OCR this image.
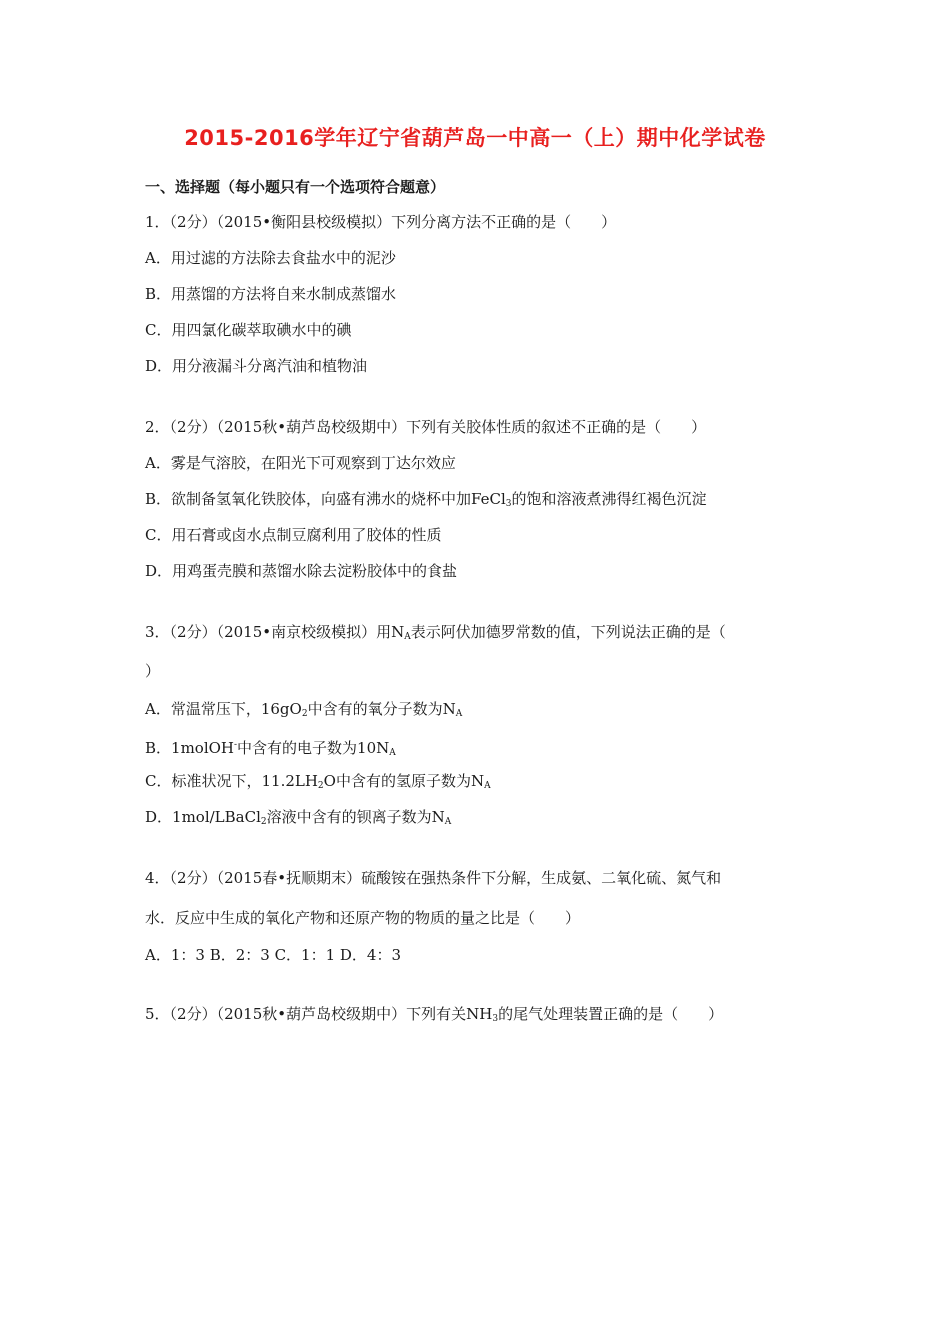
2015-2016学年辽宁省葫芦岛一中高一（上）期中化学试卷
一、选择题（每小题只有一个选项符合题意）
1．（2分）（2015•衡阳县校级模拟）下列分离方法不正确的是（　　）
A．用过滤的方法除去食盐水中的泥沙
B．用蒸馏的方法将自来水制成蒸馏水
C．用四氯化碳萃取碘水中的碘
D．用分液漏斗分离汽油和植物油
2．（2分）（2015秋•葫芦岛校级期中）下列有关胶体性质的叙述不正确的是（　　）
A．雾是气溶胶，在阳光下可观察到丁达尔效应
B．欲制备氢氧化铁胶体，向盛有沸水的烧杯中加FeCl$_3$的饱和溶液煮沸得红褐色沉淀
C．用石膏或卤水点制豆腐利用了胶体的性质
D．用鸡蛋壳膜和蒸馏水除去淀粉胶体中的食盐
3．（2分）（2015•南京校级模拟）用$N_A$表示阿伏加德罗常数的值，下列说法正确的是（
）
A．常温常压下，$16gO_2$中含有的氧分子数为$N_A$
B．1molOH-中含有的电子数为$10N_A$
C．标准状况下，$11.2LH_2O$中含有的氢原子数为$N_A$
D．1mol/LBaCl$_2$溶液中含有的钡离子数为$N_A$
4．（2分）（2015春•抚顺期末）硫酸铵在强热条件下分解，生成氨、二氧化硫、氮气和
水．反应中生成的氧化产物和还原产物的物质的量之比是（　　）
A．1：3 B．2：3 C．1：1 D．4：3
5．（2分）（2015秋•葫芦岛校级期中）下列有关$NH_3$的尾气处理装置正确的是（　　）
